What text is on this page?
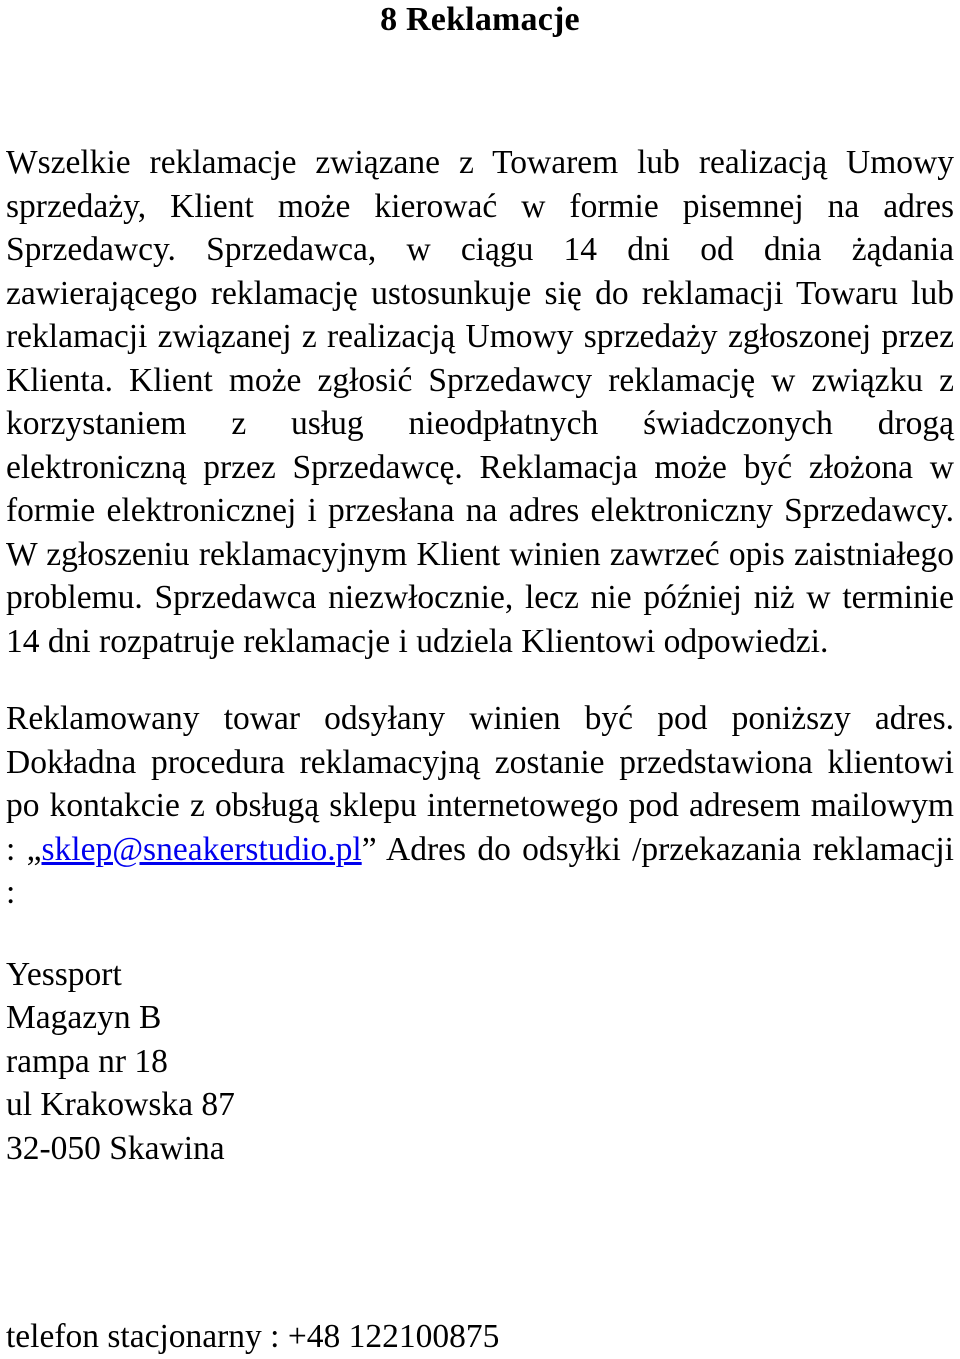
8 Reklamacje

Wszelkie reklamacje związane z Towarem lub realizacją Umowy sprzedaży, Klient może kierować w formie pisemnej na adres Sprzedawcy. Sprzedawca, w ciągu 14 dni od dnia żądania zawierającego reklamację ustosunkuje się do reklamacji Towaru lub reklamacji związanej z realizacją Umowy sprzedaży zgłoszonej przez Klienta. Klient może zgłosić Sprzedawcy reklamację w związku z korzystaniem z usług nieodpłatnych świadczonych drogą elektroniczną przez Sprzedawcę. Reklamacja może być złożona w formie elektronicznej i przesłana na adres elektroniczny Sprzedawcy. W zgłoszeniu reklamacyjnym Klient winien zawrzeć opis zaistniałego problemu. Sprzedawca niezwłocznie, lecz nie później niż w terminie 14 dni rozpatruje reklamacje i udziela Klientowi odpowiedzi.

Reklamowany towar odsyłany winien być pod poniższy adres. Dokładna procedura reklamacyjną zostanie przedstawiona klientowi po kontakcie z obsługą sklepu internetowego pod adresem mailowym : „sklep@sneakerstudio.pl” Adres do odsyłki /przekazania reklamacji :

Yessport
Magazyn B
rampa nr 18
ul Krakowska 87
32-050 Skawina
telefon stacjonarny : +48 122100875
